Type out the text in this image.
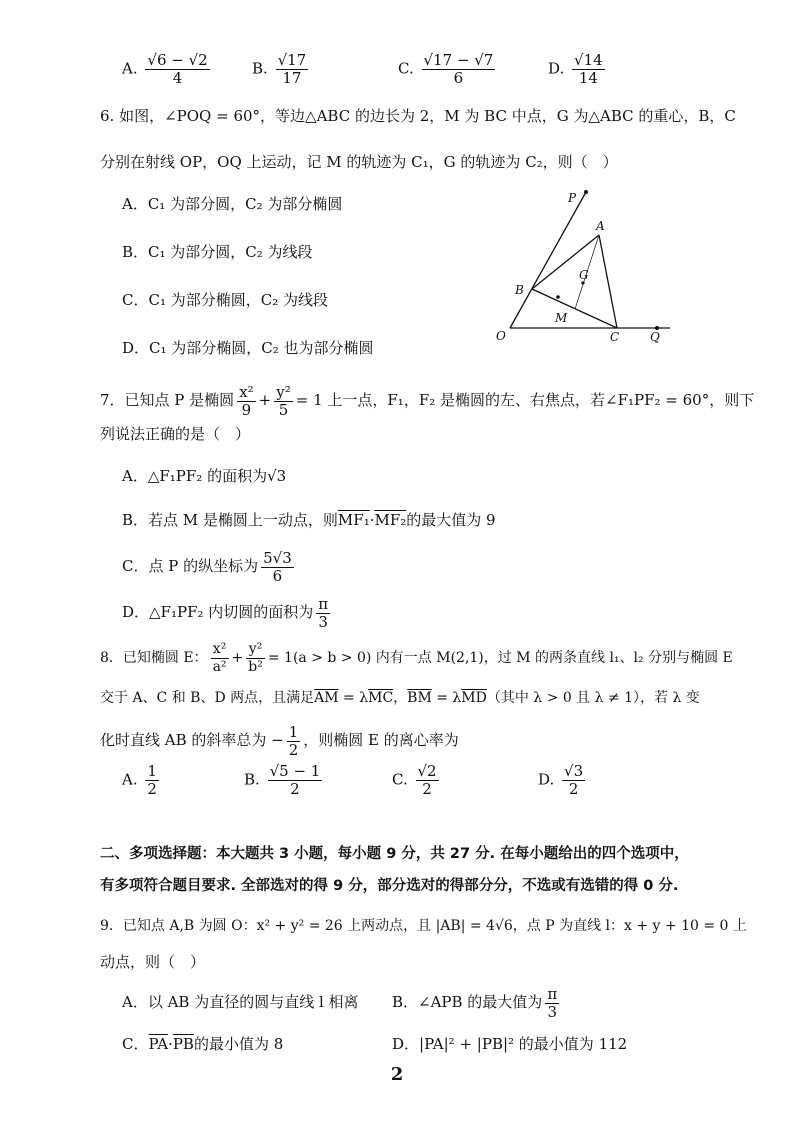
A. $\frac{√6 - √2}{4}$	B. $\frac{√17}{17}$	C. $\frac{√17 - √7}{6}$	D. $\frac{√14}{14}$
6. 如图，∠POQ = 60°，等边△ABC 的边长为 2，M 为 BC 中点，G 为△ABC 的重心，B，C
分别在射线 OP，OQ 上运动，记 M 的轨迹为 C₁，G 的轨迹为 C₂，则（　）
A．C₁ 为部分圆，C₂ 为部分椭圆
B．C₁ 为部分圆，C₂ 为线段
C．C₁ 为部分椭圆，C₂ 为线段
D．C₁ 为部分椭圆，C₂ 也为部分椭圆
P
A
G
B
M
O	C	Q
7．已知点 P 是椭圆 $\frac{\text{x²}}{9} + \frac{\text{y²}}{5} = 1$ 上一点，F₁，F₂ 是椭圆的左、右焦点，若∠F₁PF₂ = 60°，则下
列说法正确的是（　）
A．△F₁PF₂ 的面积为√3
B．若点 M 是椭圆上一动点，则MF₁·MF₂的最大值为 9
C．点 P 的纵坐标为 $\frac{5√3}{6}$
D．△F₁PF₂ 内切圆的面积为 $\frac{\pi}{3}$
8．已知椭圆 E： $\frac{\text{x²}}{\text{a²}} + \frac{\text{y²}}{\text{b²}} = 1(a > b > 0)$ 内有一点 M(2,1)，过 M 的两条直线 l₁、l₂ 分别与椭圆 E
交于 A、C 和 B、D 两点，且满足$\overline{AM} = \lambda\overline{MC}$，$\overline{BM} = \lambda\overline{MD}$（其中 λ > 0 且 λ ≠ 1），若 λ 变
化时直线 AB 的斜率总为 − $\frac{1}{2}$ ，则椭圆 E 的离心率为
A. $\frac{1}{2}$	B. $\frac{√5 - 1}{2}$	C. $\frac{√2}{2}$	D. $\frac{√3}{2}$
二、多项选择题：本大题共 3 小题，每小题 9 分，共 27 分. 在每小题给出的四个选项中，
有多项符合题目要求. 全部选对的得 9 分，部分选对的得部分分，不选或有选错的得 0 分.
9．已知点 A,B 为圆 O：x² + y² = 26 上两动点，且 |AB| = 4√6，点 P 为直线 l：x + y + 10 = 0 上
动点，则（　）
A．以 AB 为直径的圆与直线 l 相离 B．∠APB 的最大值为 $\frac{\pi}{3}$
C．$\overline{PA}\cdot\overline{PB}$的最小值为 8	D．|PA|² + |PB|² 的最小值为 112
2
